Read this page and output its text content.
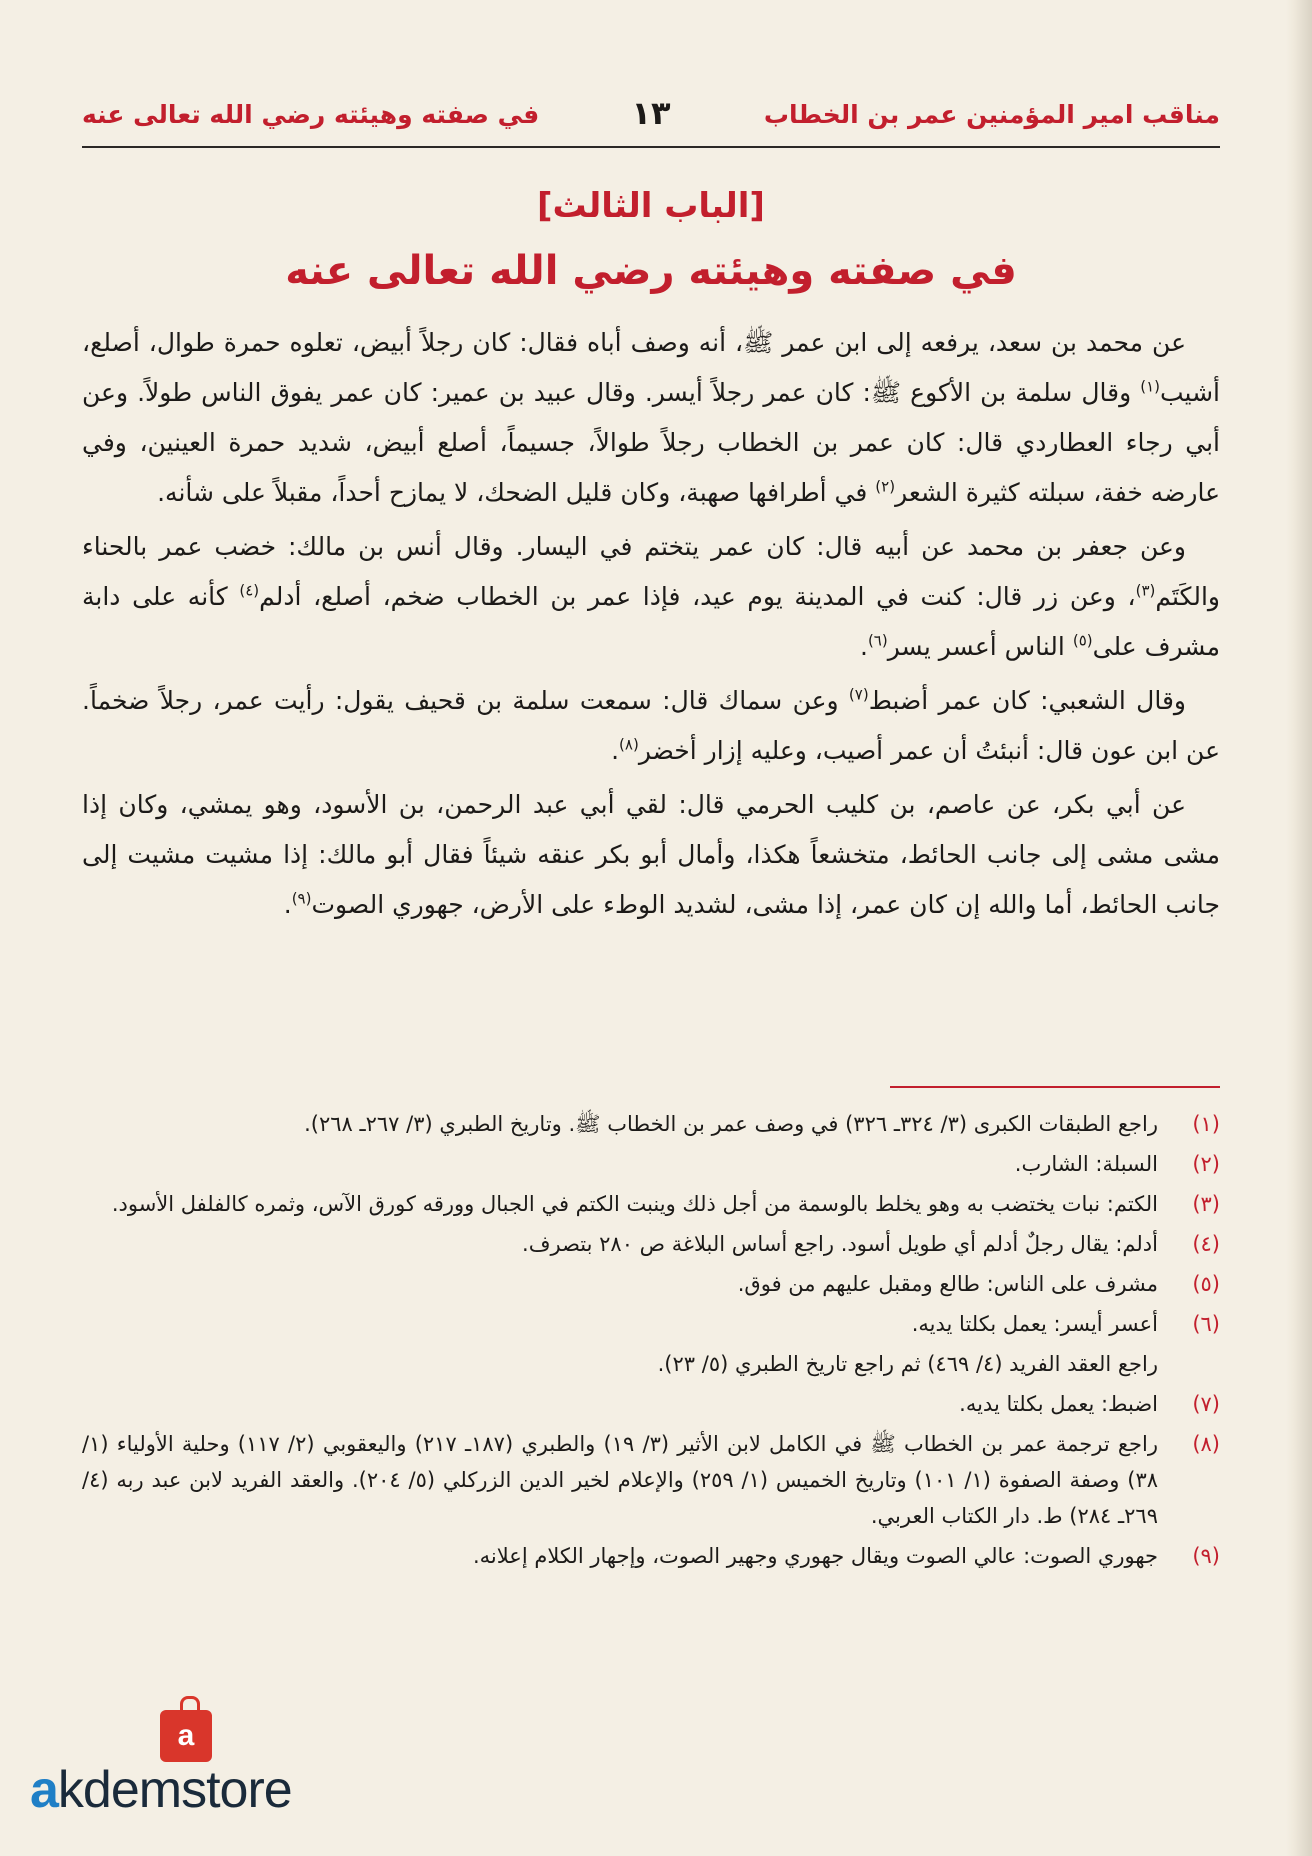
مناقب امير المؤمنين عمر بن الخطاب
١٣
في صفته وهيئته رضي الله تعالى عنه
[الباب الثالث]
في صفته وهيئته رضي الله تعالى عنه

عن محمد بن سعد، يرفعه إلى ابن عمر ﷺ، أنه وصف أباه فقال: كان رجلاً أبيض، تعلوه حمرة طوال، أصلع، أشيب$^{(١)}$ وقال سلمة بن الأكوع ﷺ: كان عمر رجلاً أيسر. وقال عبيد بن عمير: كان عمر يفوق الناس طولاً. وعن أبي رجاء العطاردي قال: كان عمر بن الخطاب رجلاً طوالاً، جسيماً، أصلع أبيض، شديد حمرة العينين، وفي عارضه خفة، سبلته كثيرة الشعر$^{(٢)}$ في أطرافها صهبة، وكان قليل الضحك، لا يمازح أحداً، مقبلاً على شأنه.

وعن جعفر بن محمد عن أبيه قال: كان عمر يتختم في اليسار. وقال أنس بن مالك: خضب عمر بالحناء والكَتَم$^{(٣)}$، وعن زر قال: كنت في المدينة يوم عيد، فإذا عمر بن الخطاب ضخم، أصلع، أدلم$^{(٤)}$ كأنه على دابة مشرف على$^{(٥)}$ الناس أعسر يسر$^{(٦)}$.

وقال الشعبي: كان عمر أضبط$^{(٧)}$ وعن سماك قال: سمعت سلمة بن قحيف يقول: رأيت عمر، رجلاً ضخماً. عن ابن عون قال: أنبئتُ أن عمر أصيب، وعليه إزار أخضر$^{(٨)}$.

عن أبي بكر، عن عاصم، بن كليب الحرمي قال: لقي أبي عبد الرحمن، بن الأسود، وهو يمشي، وكان إذا مشى مشى إلى جانب الحائط، متخشعاً هكذا، وأمال أبو بكر عنقه شيئاً فقال أبو مالك: إذا مشيت مشيت إلى جانب الحائط، أما والله إن كان عمر، إذا مشى، لشديد الوطء على الأرض، جهوري الصوت$^{(٩)}$.

(١)
راجع الطبقات الكبرى (٣/ ٣٢٤ـ ٣٢٦) في وصف عمر بن الخطاب ﷺ. وتاريخ الطبري (٣/ ٢٦٧ـ ٢٦٨).
(٢)
السبلة: الشارب.
(٣)
الكتم: نبات يختضب به وهو يخلط بالوسمة من أجل ذلك وينبت الكتم في الجبال وورقه كورق الآس، وثمره كالفلفل الأسود.
(٤)
أدلم: يقال رجلٌ أدلم أي طويل أسود. راجع أساس البلاغة ص ٢٨٠ بتصرف.
(٥)
مشرف على الناس: طالع ومقبل عليهم من فوق.
(٦)
أعسر أيسر: يعمل بكلتا يديه.
راجع العقد الفريد (٤/ ٤٦٩) ثم راجع تاريخ الطبري (٥/ ٢٣).
(٧)
اضبط: يعمل بكلتا يديه.
(٨)
راجع ترجمة عمر بن الخطاب ﷺ في الكامل لابن الأثير (٣/ ١٩) والطبري (١٨٧ـ ٢١٧) واليعقوبي (٢/ ١١٧) وحلية الأولياء (١/ ٣٨) وصفة الصفوة (١/ ١٠١) وتاريخ الخميس (١/ ٢٥٩) والإعلام لخير الدين الزركلي (٥/ ٢٠٤). والعقد الفريد لابن عبد ربه (٤/ ٢٦٩ـ ٢٨٤) ط. دار الكتاب العربي.
(٩)
جهوري الصوت: عالي الصوت ويقال جهوري وجهير الصوت، وإجهار الكلام إعلانه.
a
akdemstore
